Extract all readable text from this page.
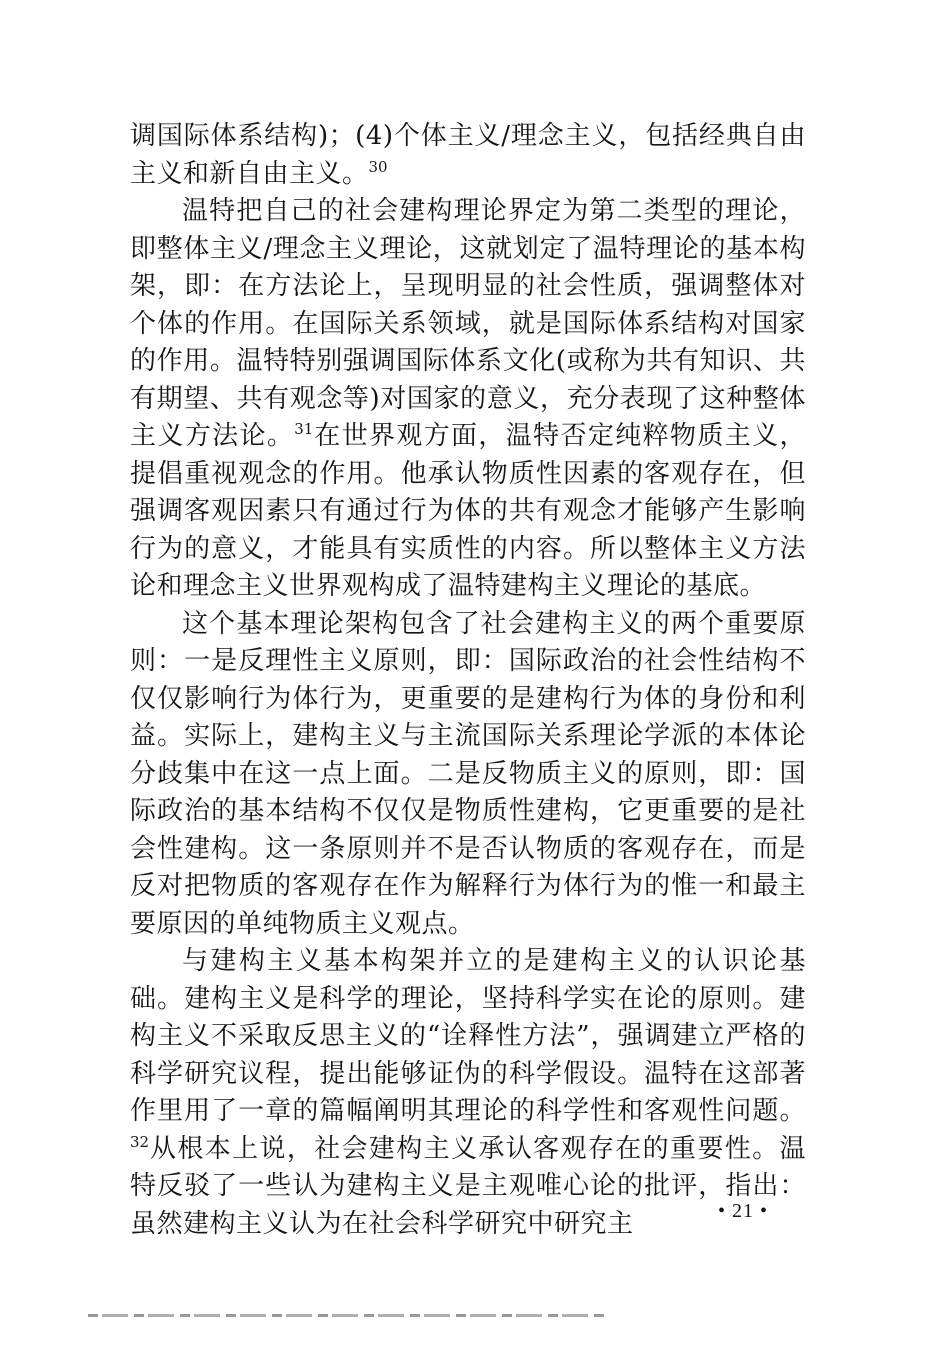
调国际体系结构)；(4)个体主义/理念主义，包括经典自由主义和新自由主义。$^{30}$

温特把自己的社会建构理论界定为第二类型的理论，即整体主义/理念主义理论，这就划定了温特理论的基本构架，即：在方法论上，呈现明显的社会性质，强调整体对个体的作用。在国际关系领域，就是国际体系结构对国家的作用。温特特别强调国际体系文化(或称为共有知识、共有期望、共有观念等)对国家的意义，充分表现了这种整体主义方法论。$^{31}$在世界观方面，温特否定纯粹物质主义，提倡重视观念的作用。他承认物质性因素的客观存在，但强调客观因素只有通过行为体的共有观念才能够产生影响行为的意义，才能具有实质性的内容。所以整体主义方法论和理念主义世界观构成了温特建构主义理论的基底。

这个基本理论架构包含了社会建构主义的两个重要原则：一是反理性主义原则，即：国际政治的社会性结构不仅仅影响行为体行为，更重要的是建构行为体的身份和利益。实际上，建构主义与主流国际关系理论学派的本体论分歧集中在这一点上面。二是反物质主义的原则，即：国际政治的基本结构不仅仅是物质性建构，它更重要的是社会性建构。这一条原则并不是否认物质的客观存在，而是反对把物质的客观存在作为解释行为体行为的惟一和最主要原因的单纯物质主义观点。

与建构主义基本构架并立的是建构主义的认识论基础。建构主义是科学的理论，坚持科学实在论的原则。建构主义不采取反思主义的“诠释性方法”，强调建立严格的科学研究议程，提出能够证伪的科学假设。温特在这部著作里用了一章的篇幅阐明其理论的科学性和客观性问题。$^{32}$从根本上说，社会建构主义承认客观存在的重要性。温特反驳了一些认为建构主义是主观唯心论的批评，指出：虽然建构主义认为在社会科学研究中研究主	• 21 •
